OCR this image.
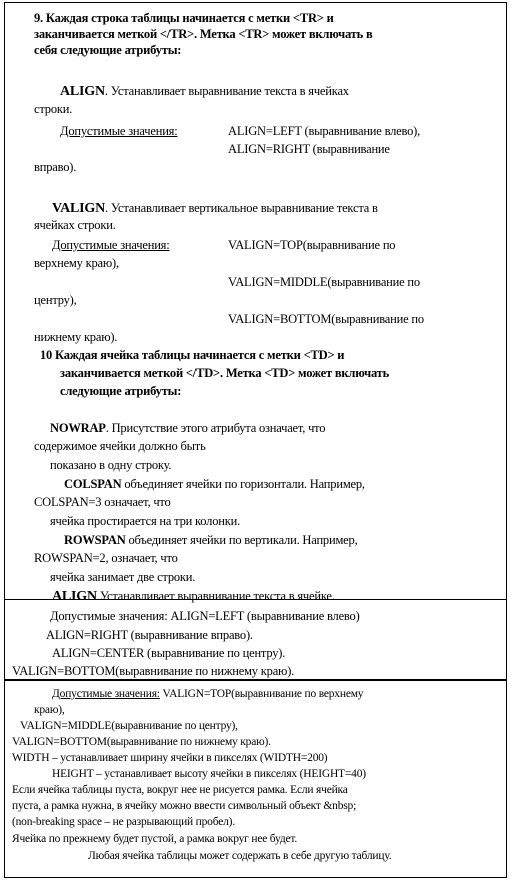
9. Каждая строка таблицы начинается с метки <TR> и
заканчивается меткой </TR>. Метка <TR> может включать в
себя следующие атрибуты:
ALIGN. Устанавливает выравнивание текста в ячейках
строки.
Допустимые значения:	ALIGN=LEFT (выравнивание влево),
ALIGN=RIGHT (выравнивание
вправо).
VALIGN. Устанавливает вертикальное выравнивание текста в
ячейках строки.
Допустимые значения:	VALIGN=TOP(выравнивание по
верхнему краю),
VALIGN=MIDDLE(выравнивание по
центру),
VALIGN=BOTTOM(выравнивание по
нижнему краю).
10 Каждая ячейка таблицы начинается с метки <TD> и
заканчивается меткой </TD>. Метка <TD> может включать
следующие атрибуты:
NOWRAP. Присутствие этого атрибута означает, что
содержимое ячейки должно быть
показано в одну строку.
COLSPAN объединяет ячейки по горизонтали. Например,
COLSPAN=3 означает, что
ячейка простирается на три колонки.
ROWSPAN объединяет ячейки по вертикали. Например,
ROWSPAN=2, означает, что
ячейка занимает две строки.
ALIGN Устанавливает выравнивание текста в ячейке.
Допустимые значения: ALIGN=LEFT (выравнивание влево)
ALIGN=RIGHT (выравнивание вправо).
ALIGN=CENTER (выравнивание по центру).
VALIGN=BOTTOM(выравнивание по нижнему краю).
Допустимые значения: VALIGN=TOP(выравнивание по верхнему
краю),
VALIGN=MIDDLE(выравнивание по центру),
VALIGN=BOTTOM(выравнивание по нижнему краю).
WIDTH – устанавливает ширину ячейки в пикселях (WIDTH=200)
HEIGHT – устанавливает высоту ячейки в пикселях (HEIGHT=40)
Если ячейка таблицы пуста, вокруг нее не рисуется рамка. Если ячейка
пуста, а рамка нужна, в ячейку можно ввести символьный объект &nbsp;
(non-breaking space – не разрывающий пробел).
Ячейка по прежнему будет пустой, а рамка вокруг нее будет.
Любая ячейка таблицы может содержать в себе другую таблицу.
